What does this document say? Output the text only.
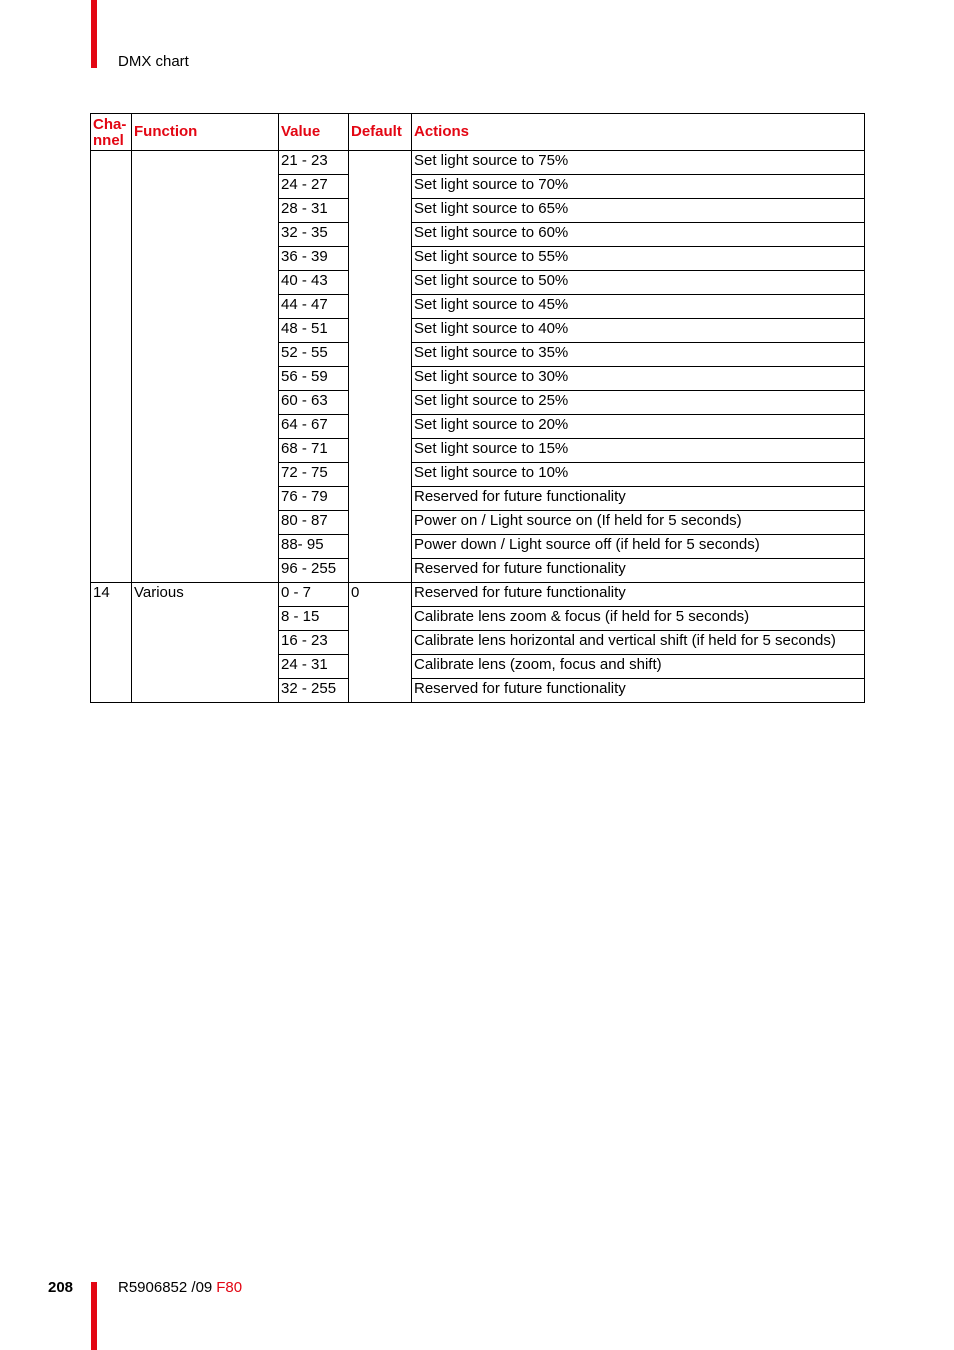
DMX chart
Cha-
nnel	Function	Value	Default	Actions
		21 - 23		Set light source to 75%
		24 - 27		Set light source to 70%
		28 - 31		Set light source to 65%
		32 - 35		Set light source to 60%
		36 - 39		Set light source to 55%
		40 - 43		Set light source to 50%
		44 - 47		Set light source to 45%
		48 - 51		Set light source to 40%
		52 - 55		Set light source to 35%
		56 - 59		Set light source to 30%
		60 - 63		Set light source to 25%
		64 - 67		Set light source to 20%
		68 - 71		Set light source to 15%
		72 - 75		Set light source to 10%
		76 - 79		Reserved for future functionality
		80 - 87		Power on / Light source on (If held for 5 seconds)
		88- 95		Power down / Light source off (if held for 5 seconds)
		96 - 255		Reserved for future functionality
14	Various	0 - 7	0	Reserved for future functionality
		8 - 15		Calibrate lens zoom & focus (if held for 5 seconds)
		16 - 23		Calibrate lens horizontal and vertical shift (if held for 5 seconds)
		24 - 31		Calibrate lens (zoom, focus and shift)
		32 - 255		Reserved for future functionality
208	R5906852 /09 F80
